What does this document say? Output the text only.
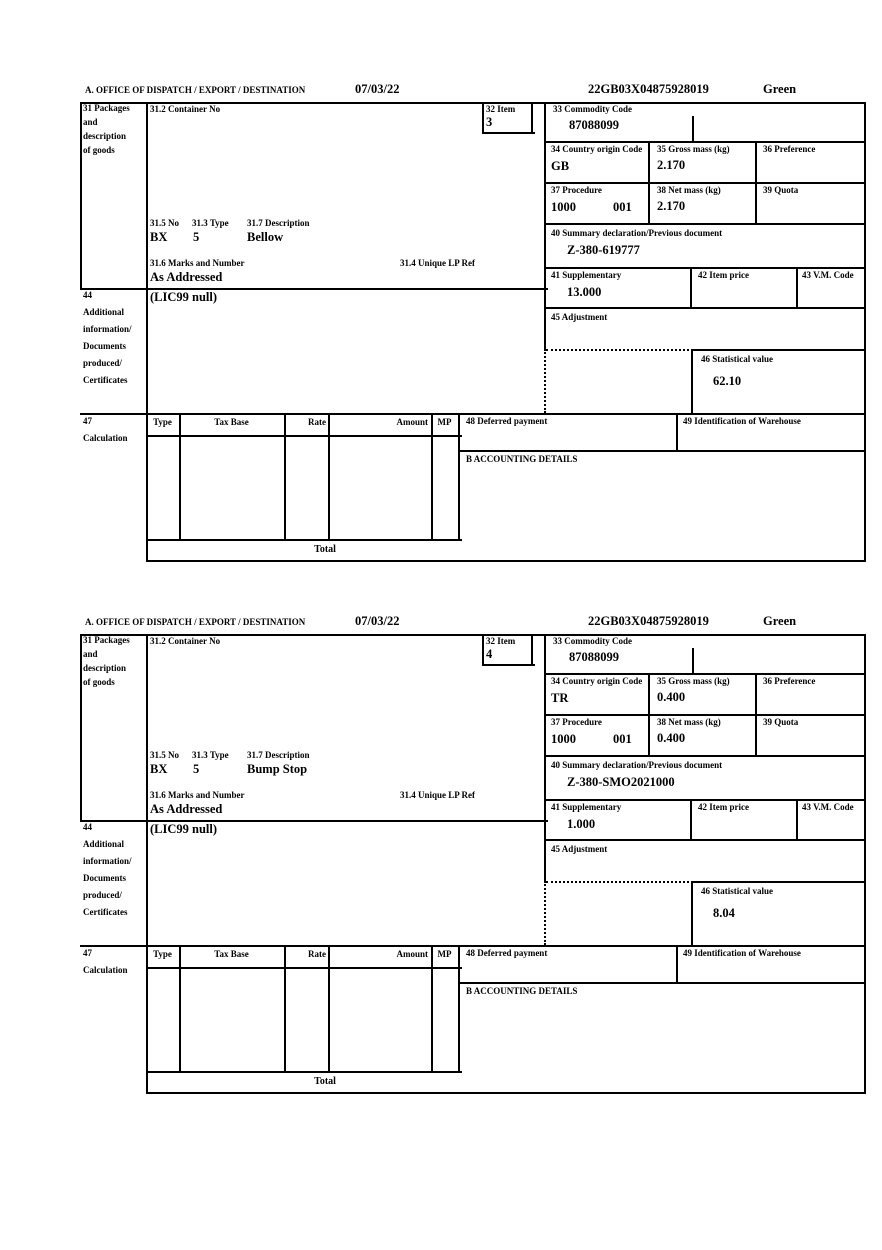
A. OFFICE OF DISPATCH / EXPORT / DESTINATION	07/03/22	22GB03X04875928019	Green
31 Packages
and
description
of goods
31.2 Container No
31.5 No 31.3 Type 31.7 Description
BX 5	Bellow
31.6 Marks and Number	31.4 Unique LP Ref
As Addressed
32 Item
3
33 Commodity Code
87088099
34 Country origin Code
GB
35 Gross mass (kg)
2.170
36 Preference
37 Procedure
1000	001
38 Net mass (kg)
2.170
39 Quota
40 Summary declaration/Previous document
Z-380-619777
41 Supplementary
13.000
42 Item price	43 V.M. Code
44
Additional
information/
Documents
produced/
Certificates
(LIC99 null)
45 Adjustment
46 Statistical value
62.10
47
Calculation
Type	Tax Base	Rate	Amount	MP	48 Deferred payment	49 Identification of Warehouse
B ACCOUNTING DETAILS
Total
A. OFFICE OF DISPATCH / EXPORT / DESTINATION	07/03/22	22GB03X04875928019	Green
31 Packages
and
description
of goods
31.2 Container No
31.5 No 31.3 Type 31.7 Description
BX 5	Bump Stop
31.6 Marks and Number	31.4 Unique LP Ref
As Addressed
32 Item
4
33 Commodity Code
87088099
34 Country origin Code
TR
35 Gross mass (kg)
0.400
36 Preference
37 Procedure
1000	001
38 Net mass (kg)
0.400
39 Quota
40 Summary declaration/Previous document
Z-380-SMO2021000
41 Supplementary
1.000
42 Item price	43 V.M. Code
44
Additional
information/
Documents
produced/
Certificates
(LIC99 null)
45 Adjustment
46 Statistical value
8.04
47
Calculation
Type	Tax Base	Rate	Amount	MP	48 Deferred payment	49 Identification of Warehouse
B ACCOUNTING DETAILS
Total
